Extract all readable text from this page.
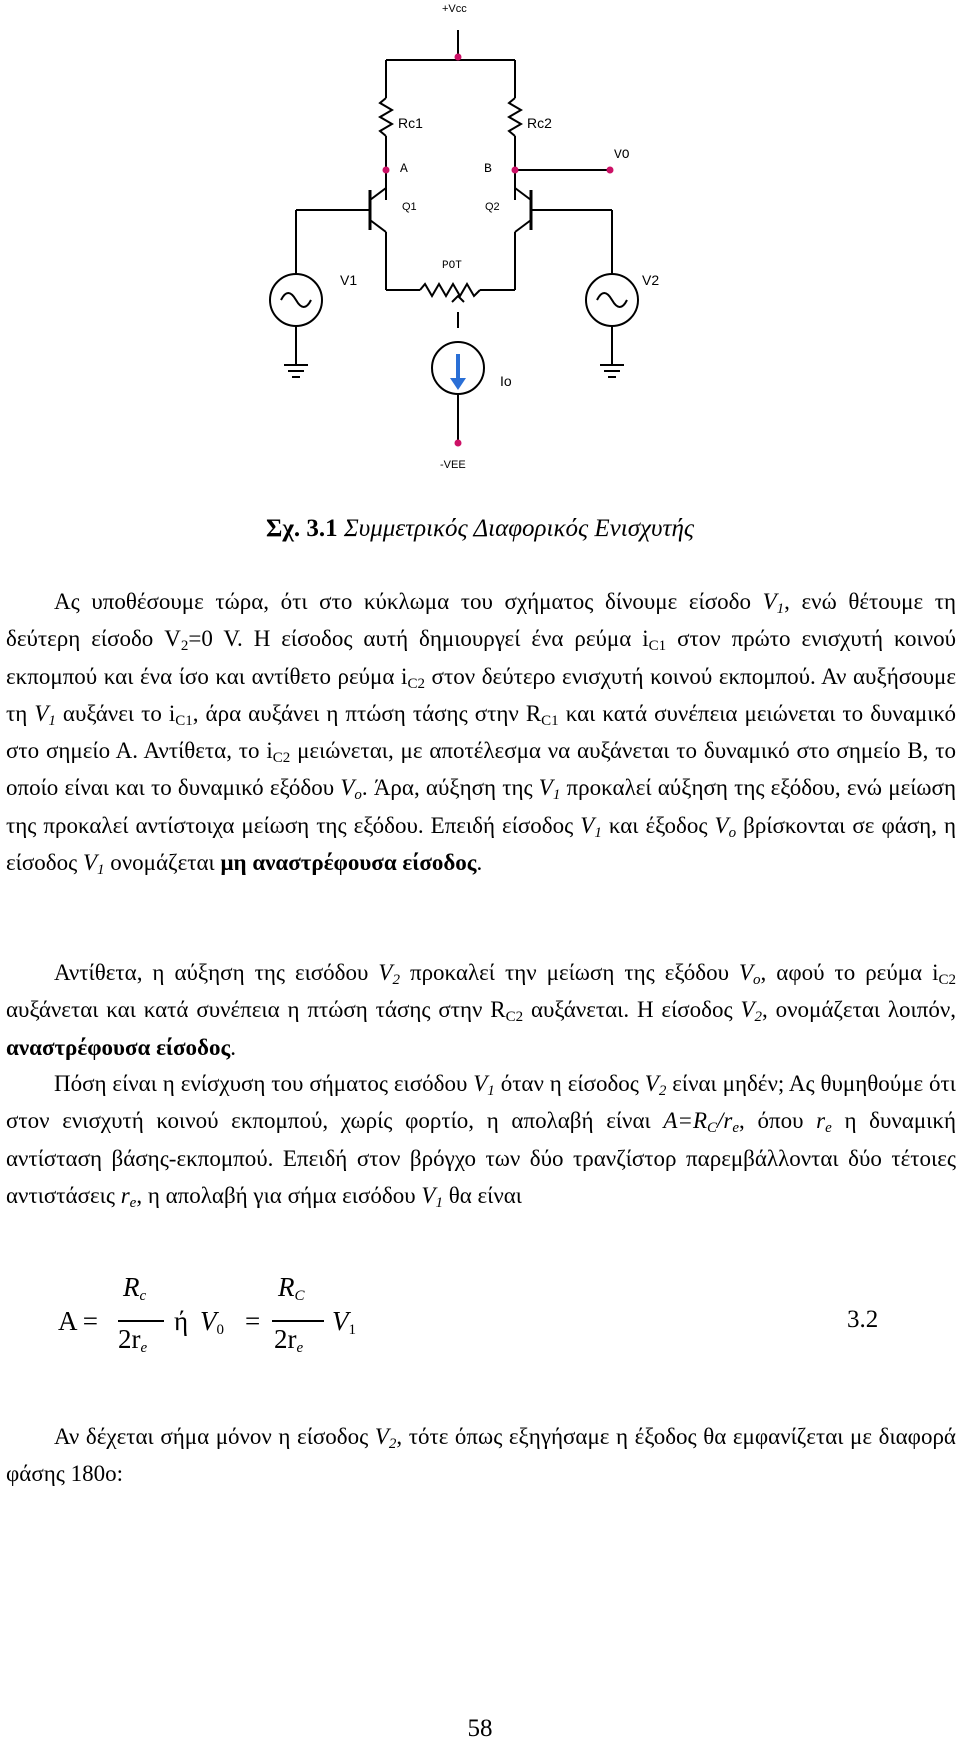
+Vcc
Rc1	Rc2
VO
A	B
Q1	Q2
POT
V1	V2
Io
-VEE
Σχ. 3.1 Συμμετρικός Διαφορικός Ενισχυτής

Ας υποθέσουμε τώρα, ότι στο κύκλωμα του σχήματος δίνουμε είσοδο $V_1$, ενώ θέτουμε τη δεύτερη είσοδο $V_2=0$ V. Η είσοδος αυτή δημιουργεί ένα ρεύμα $i_{C1}$ στον πρώτο ενισχυτή κοινού εκπομπού και ένα ίσο και αντίθετο ρεύμα $i_{C2}$ στον δεύτερο ενισχυτή κοινού εκπομπού. Αν αυξήσουμε τη $V_1$ αυξάνει το $i_{C1}$, άρα αυξάνει η πτώση τάσης στην $R_{C1}$ και κατά συνέπεια μειώνεται το δυναμικό στο σημείο Α. Αντίθετα, το $i_{C2}$ μειώνεται, με αποτέλεσμα να αυξάνεται το δυναμικό στο σημείο Β, το οποίο είναι και το δυναμικό εξόδου $V_o$. Άρα, αύξηση της $V_1$ προκαλεί αύξηση της εξόδου, ενώ μείωση της προκαλεί αντίστοιχα μείωση της εξόδου. Επειδή είσοδος $V_1$ και έξοδος $V_o$ βρίσκονται σε φάση, η είσοδος $V_1$ ονομάζεται μη αναστρέφουσα είσοδος.

Αντίθετα, η αύξηση της εισόδου $V_2$ προκαλεί την μείωση της εξόδου $V_o$, αφού το ρεύμα $i_{C2}$ αυξάνεται και κατά συνέπεια η πτώση τάσης στην $R_{C2}$ αυξάνεται. Η είσοδος $V_2$, ονομάζεται λοιπόν, αναστρέφουσα είσοδος.

Πόση είναι η ενίσχυση του σήματος εισόδου $V_1$ όταν η είσοδος $V_2$ είναι μηδέν; Ας θυμηθούμε ότι στον ενισχυτή κοινού εκπομπού, χωρίς φορτίο, η απολαβή είναι $A=R_C/r_e$, όπου $r_e$ η δυναμική αντίσταση βάσης-εκπομπού. Επειδή στον βρόγχο των δύο τρανζίστορ παρεμβάλλονται δύο τέτοιες αντιστάσεις $r_e$, η απολαβή για σήμα εισόδου $V_1$ θα είναι

A =
$R_c$
$2r_e$
ή $V_0$ =
$R_C$
$2r_e$
$V_1$	3.2

Αν δέχεται σήμα μόνον η είσοδος $V_2$, τότε όπως εξηγήσαμε η έξοδος θα εμφανίζεται με διαφορά φάσης 180ο:

58
